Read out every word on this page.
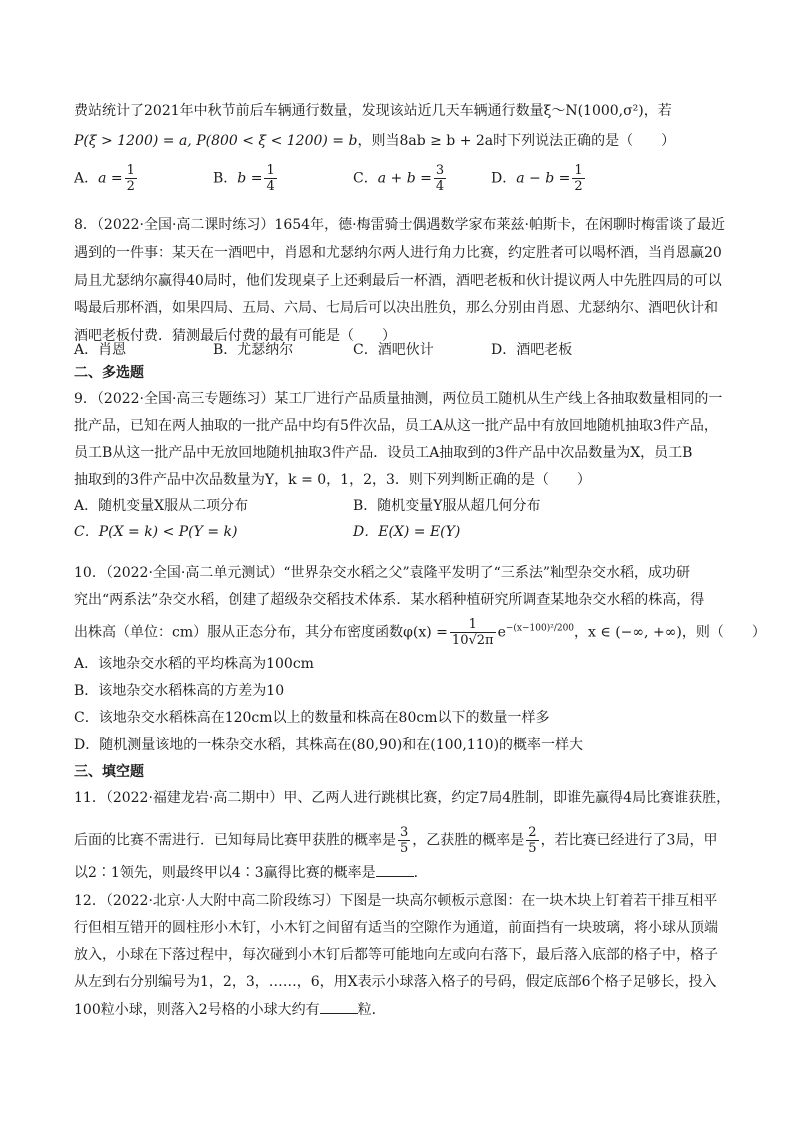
费站统计了2021年中秋节前后车辆通行数量，发现该站近几天车辆通行数量ξ～N(1000,σ²)，若
P(ξ > 1200) = a, P(800 < ξ < 1200) = b，则当8ab ≥ b + 2a时下列说法正确的是（　　）
A．$a = \frac{1}{2}$	B．$b = \frac{1}{4}$	C．$a + b = \frac{3}{4}$	D．$a - b = \frac{1}{2}$
8．（2022·全国·高二课时练习）1654年，德·梅雷骑士偶遇数学家布莱兹·帕斯卡，在闲聊时梅雷谈了最近
遇到的一件事：某天在一酒吧中，肖恩和尤瑟纳尔两人进行角力比赛，约定胜者可以喝杯酒，当肖恩赢20
局且尤瑟纳尔赢得40局时，他们发现桌子上还剩最后一杯酒，酒吧老板和伙计提议两人中先胜四局的可以
喝最后那杯酒，如果四局、五局、六局、七局后可以决出胜负，那么分别由肖恩、尤瑟纳尔、酒吧伙计和
酒吧老板付费．猜测最后付费的最有可能是（　　）
A．肖恩	B．尤瑟纳尔	C．酒吧伙计	D．酒吧老板
二、多选题
9．（2022·全国·高三专题练习）某工厂进行产品质量抽测，两位员工随机从生产线上各抽取数量相同的一
批产品，已知在两人抽取的一批产品中均有5件次品，员工A从这一批产品中有放回地随机抽取3件产品，
员工B从这一批产品中无放回地随机抽取3件产品．设员工A抽取到的3件产品中次品数量为X，员工B
抽取到的3件产品中次品数量为Y，k = 0，1，2，3．则下列判断正确的是（　　）
A．随机变量X服从二项分布	B．随机变量Y服从超几何分布
C．P(X = k) < P(Y = k)	D．E(X) = E(Y)
10．（2022·全国·高二单元测试）“世界杂交水稻之父”袁隆平发明了“三系法”籼型杂交水稻，成功研
究出“两系法”杂交水稻，创建了超级杂交稻技术体系．某水稻种植研究所调查某地杂交水稻的株高，得
出株高（单位：cm）服从正态分布，其分布密度函数$\varphi(x) = \frac{1}{10√2\pi} e^{-(x-100)^2/200}$，x ∈ (−∞, +∞)，则（　　）
A．该地杂交水稻的平均株高为100cm
B．该地杂交水稻株高的方差为10
C．该地杂交水稻株高在120cm以上的数量和株高在80cm以下的数量一样多
D．随机测量该地的一株杂交水稻，其株高在(80,90)和在(100,110)的概率一样大
三、填空题
11．（2022·福建龙岩·高二期中）甲、乙两人进行跳棋比赛，约定7局4胜制，即谁先赢得4局比赛谁获胜，
后面的比赛不需进行．已知每局比赛甲获胜的概率是 $\frac{3}{5}$ ，乙获胜的概率是 $\frac{2}{5}$ ，若比赛已经进行了3局，甲
以2∶1领先，则最终甲以4∶3赢得比赛的概率是	．
12．（2022·北京·人大附中高二阶段练习）下图是一块高尔顿板示意图：在一块木块上钉着若干排互相平
行但相互错开的圆柱形小木钉，小木钉之间留有适当的空隙作为通道，前面挡有一块玻璃，将小球从顶端
放入，小球在下落过程中，每次碰到小木钉后都等可能地向左或向右落下，最后落入底部的格子中，格子
从左到右分别编号为1，2，3，……，6，用X表示小球落入格子的号码，假定底部6个格子足够长，投入
100粒小球，则落入2号格的小球大约有	粒．
